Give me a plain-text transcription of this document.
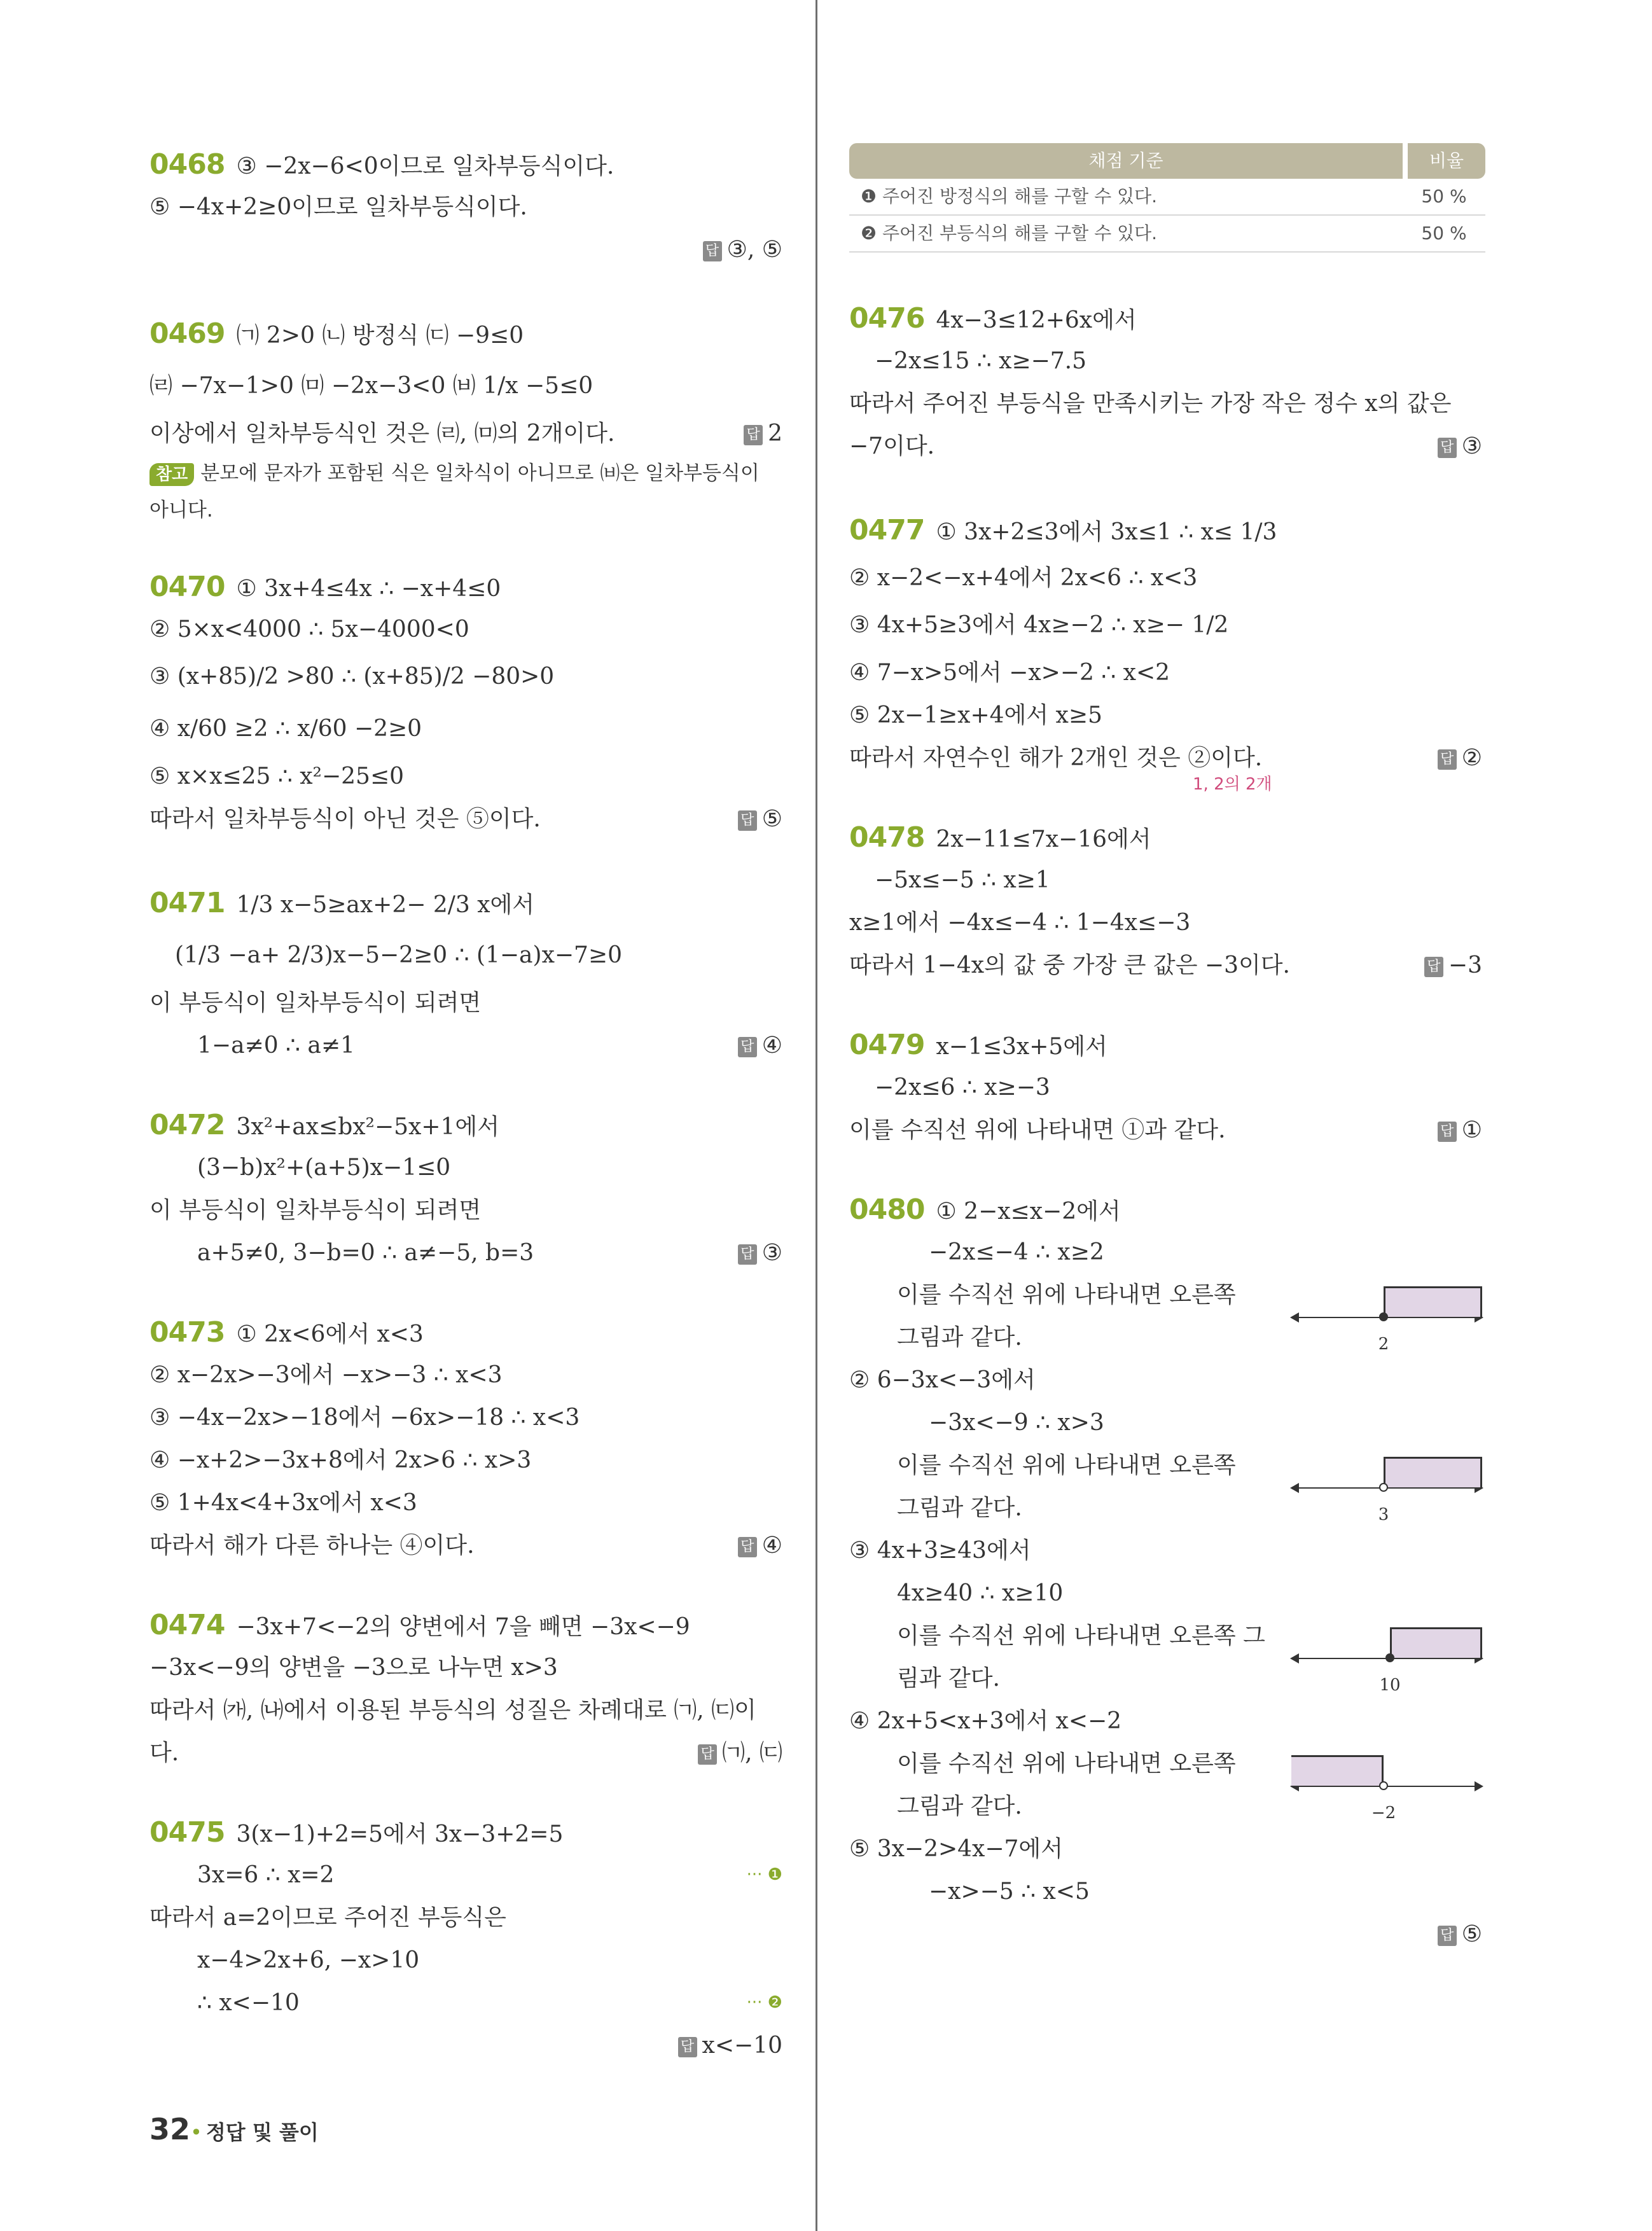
0468 ③ −2x−6<0이므로 일차부등식이다.
⑤ −4x+2≥0이므로 일차부등식이다.
답 ③, ⑤
0469 ㈀ 2>0 ㈁ 방정식 ㈂ −9≤0
㈃ −7x−1>0 ㈄ −2x−3<0 ㈅ 1/x −5≤0
이상에서 일차부등식인 것은 ㈃, ㈄의 2개이다.	답 2
참고 분모에 문자가 포함된 식은 일차식이 아니므로 ㈅은 일차부등식이 아니다.
0470 ① 3x+4≤4x ∴ −x+4≤0
② 5×x<4000 ∴ 5x−4000<0
③ (x+85)/2 >80 ∴ (x+85)/2 −80>0
④ x/60 ≥2 ∴ x/60 −2≥0
⑤ x×x≤25 ∴ x²−25≤0
따라서 일차부등식이 아닌 것은 ⑤이다.	답 ⑤
0471 1/3 x−5≥ax+2− 2/3 x에서
(1/3 −a+ 2/3)x−5−2≥0 ∴ (1−a)x−7≥0
이 부등식이 일차부등식이 되려면
1−a≠0 ∴ a≠1	답 ④
0472 3x²+ax≤bx²−5x+1에서
(3−b)x²+(a+5)x−1≤0
이 부등식이 일차부등식이 되려면
a+5≠0, 3−b=0 ∴ a≠−5, b=3	답 ③
0473 ① 2x<6에서 x<3
② x−2x>−3에서 −x>−3 ∴ x<3
③ −4x−2x>−18에서 −6x>−18 ∴ x<3
④ −x+2>−3x+8에서 2x>6 ∴ x>3
⑤ 1+4x<4+3x에서 x<3
따라서 해가 다른 하나는 ④이다.	답 ④
0474 −3x+7<−2의 양변에서 7을 빼면 −3x<−9
−3x<−9의 양변을 −3으로 나누면 x>3
따라서 ㈎, ㈏에서 이용된 부등식의 성질은 차례대로 ㈀, ㈂이
다.	답 ㈀, ㈂
0475 3(x−1)+2=5에서 3x−3+2=5
3x=6 ∴ x=2	··· ❶
따라서 a=2이므로 주어진 부등식은
x−4>2x+6, −x>10
∴ x<−10	··· ❷
답 x<−10
채점 기준	비율
❶ 주어진 방정식의 해를 구할 수 있다.	50 %
❷ 주어진 부등식의 해를 구할 수 있다.	50 %
0476 4x−3≤12+6x에서
−2x≤15 ∴ x≥−7.5
따라서 주어진 부등식을 만족시키는 가장 작은 정수 x의 값은
−7이다.	답 ③
0477 ① 3x+2≤3에서 3x≤1 ∴ x≤ 1/3
② x−2<−x+4에서 2x<6 ∴ x<3
③ 4x+5≥3에서 4x≥−2 ∴ x≥− 1/2
④ 7−x>5에서 −x>−2 ∴ x<2
⑤ 2x−1≥x+4에서 x≥5
따라서 자연수인 해가 2개인 것은 ②이다.
1, 2의 2개
답 ②
0478 2x−11≤7x−16에서
−5x≤−5 ∴ x≥1
x≥1에서 −4x≤−4 ∴ 1−4x≤−3
따라서 1−4x의 값 중 가장 큰 값은 −3이다.	답 −3
0479 x−1≤3x+5에서
−2x≤6 ∴ x≥−3
이를 수직선 위에 나타내면 ①과 같다.	답 ①
0480 ① 2−x≤x−2에서
−2x≤−4 ∴ x≥2
이를 수직선 위에 나타내면 오른쪽
2
그림과 같다.
② 6−3x<−3에서
−3x<−9 ∴ x>3
이를 수직선 위에 나타내면 오른쪽
3
그림과 같다.
③ 4x+3≥43에서
4x≥40 ∴ x≥10
이를 수직선 위에 나타내면 오른쪽 그
10
림과 같다.
④ 2x+5<x+3에서 x<−2
이를 수직선 위에 나타내면 오른쪽
−2
그림과 같다.
⑤ 3x−2>4x−7에서
−x>−5 ∴ x<5
답 ⑤
32• 정답 및 풀이
